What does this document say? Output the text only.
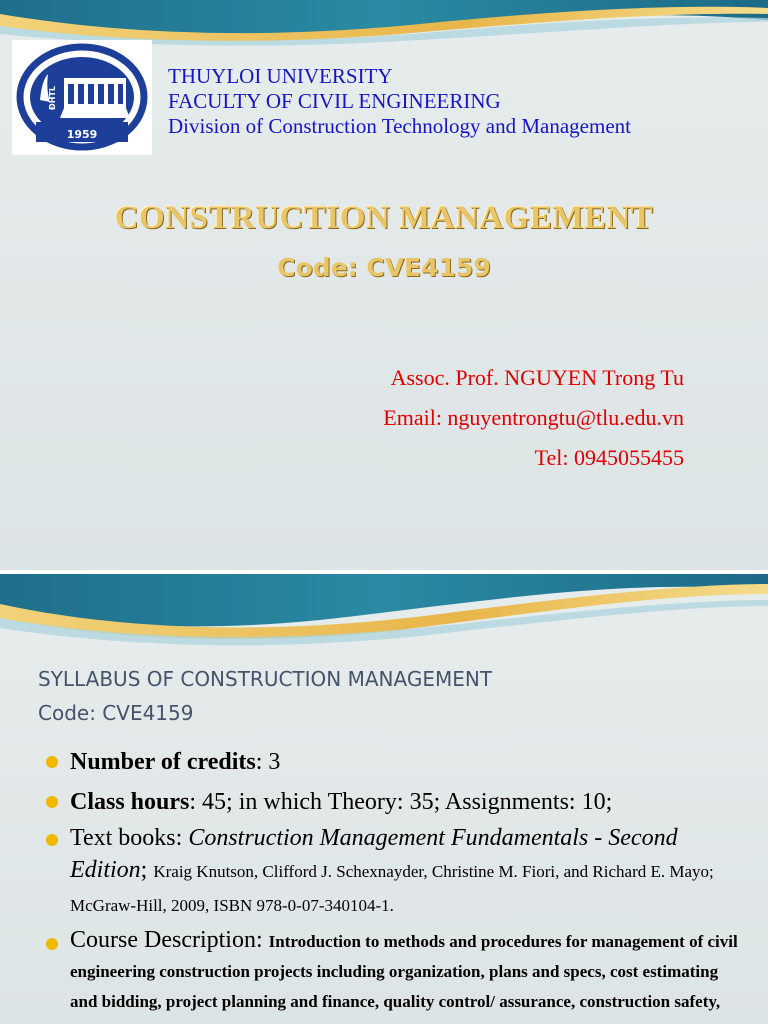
ĐHTL
1959
THUYLOI UNIVERSITY
FACULTY OF CIVIL ENGINEERING
Division of Construction Technology and Management
CONSTRUCTION MANAGEMENT
Code: CVE4159
Assoc. Prof. NGUYEN Trong Tu
Email: nguyentrongtu@tlu.edu.vn
Tel: 0945055455
SYLLABUS OF CONSTRUCTION MANAGEMENT
Code: CVE4159
Number of credits: 3
Class hours: 45; in which Theory: 35; Assignments: 10;
Text books: Construction Management Fundamentals - Second Edition; Kraig Knutson, Clifford J. Schexnayder, Christine M. Fiori, and Richard E. Mayo; McGraw-Hill, 2009, ISBN 978-0-07-340104-1.
Course Description: Introduction to methods and procedures for management of civil engineering construction projects including organization, plans and specs, cost estimating and bidding, project planning and finance, quality control/ assurance, construction safety,
